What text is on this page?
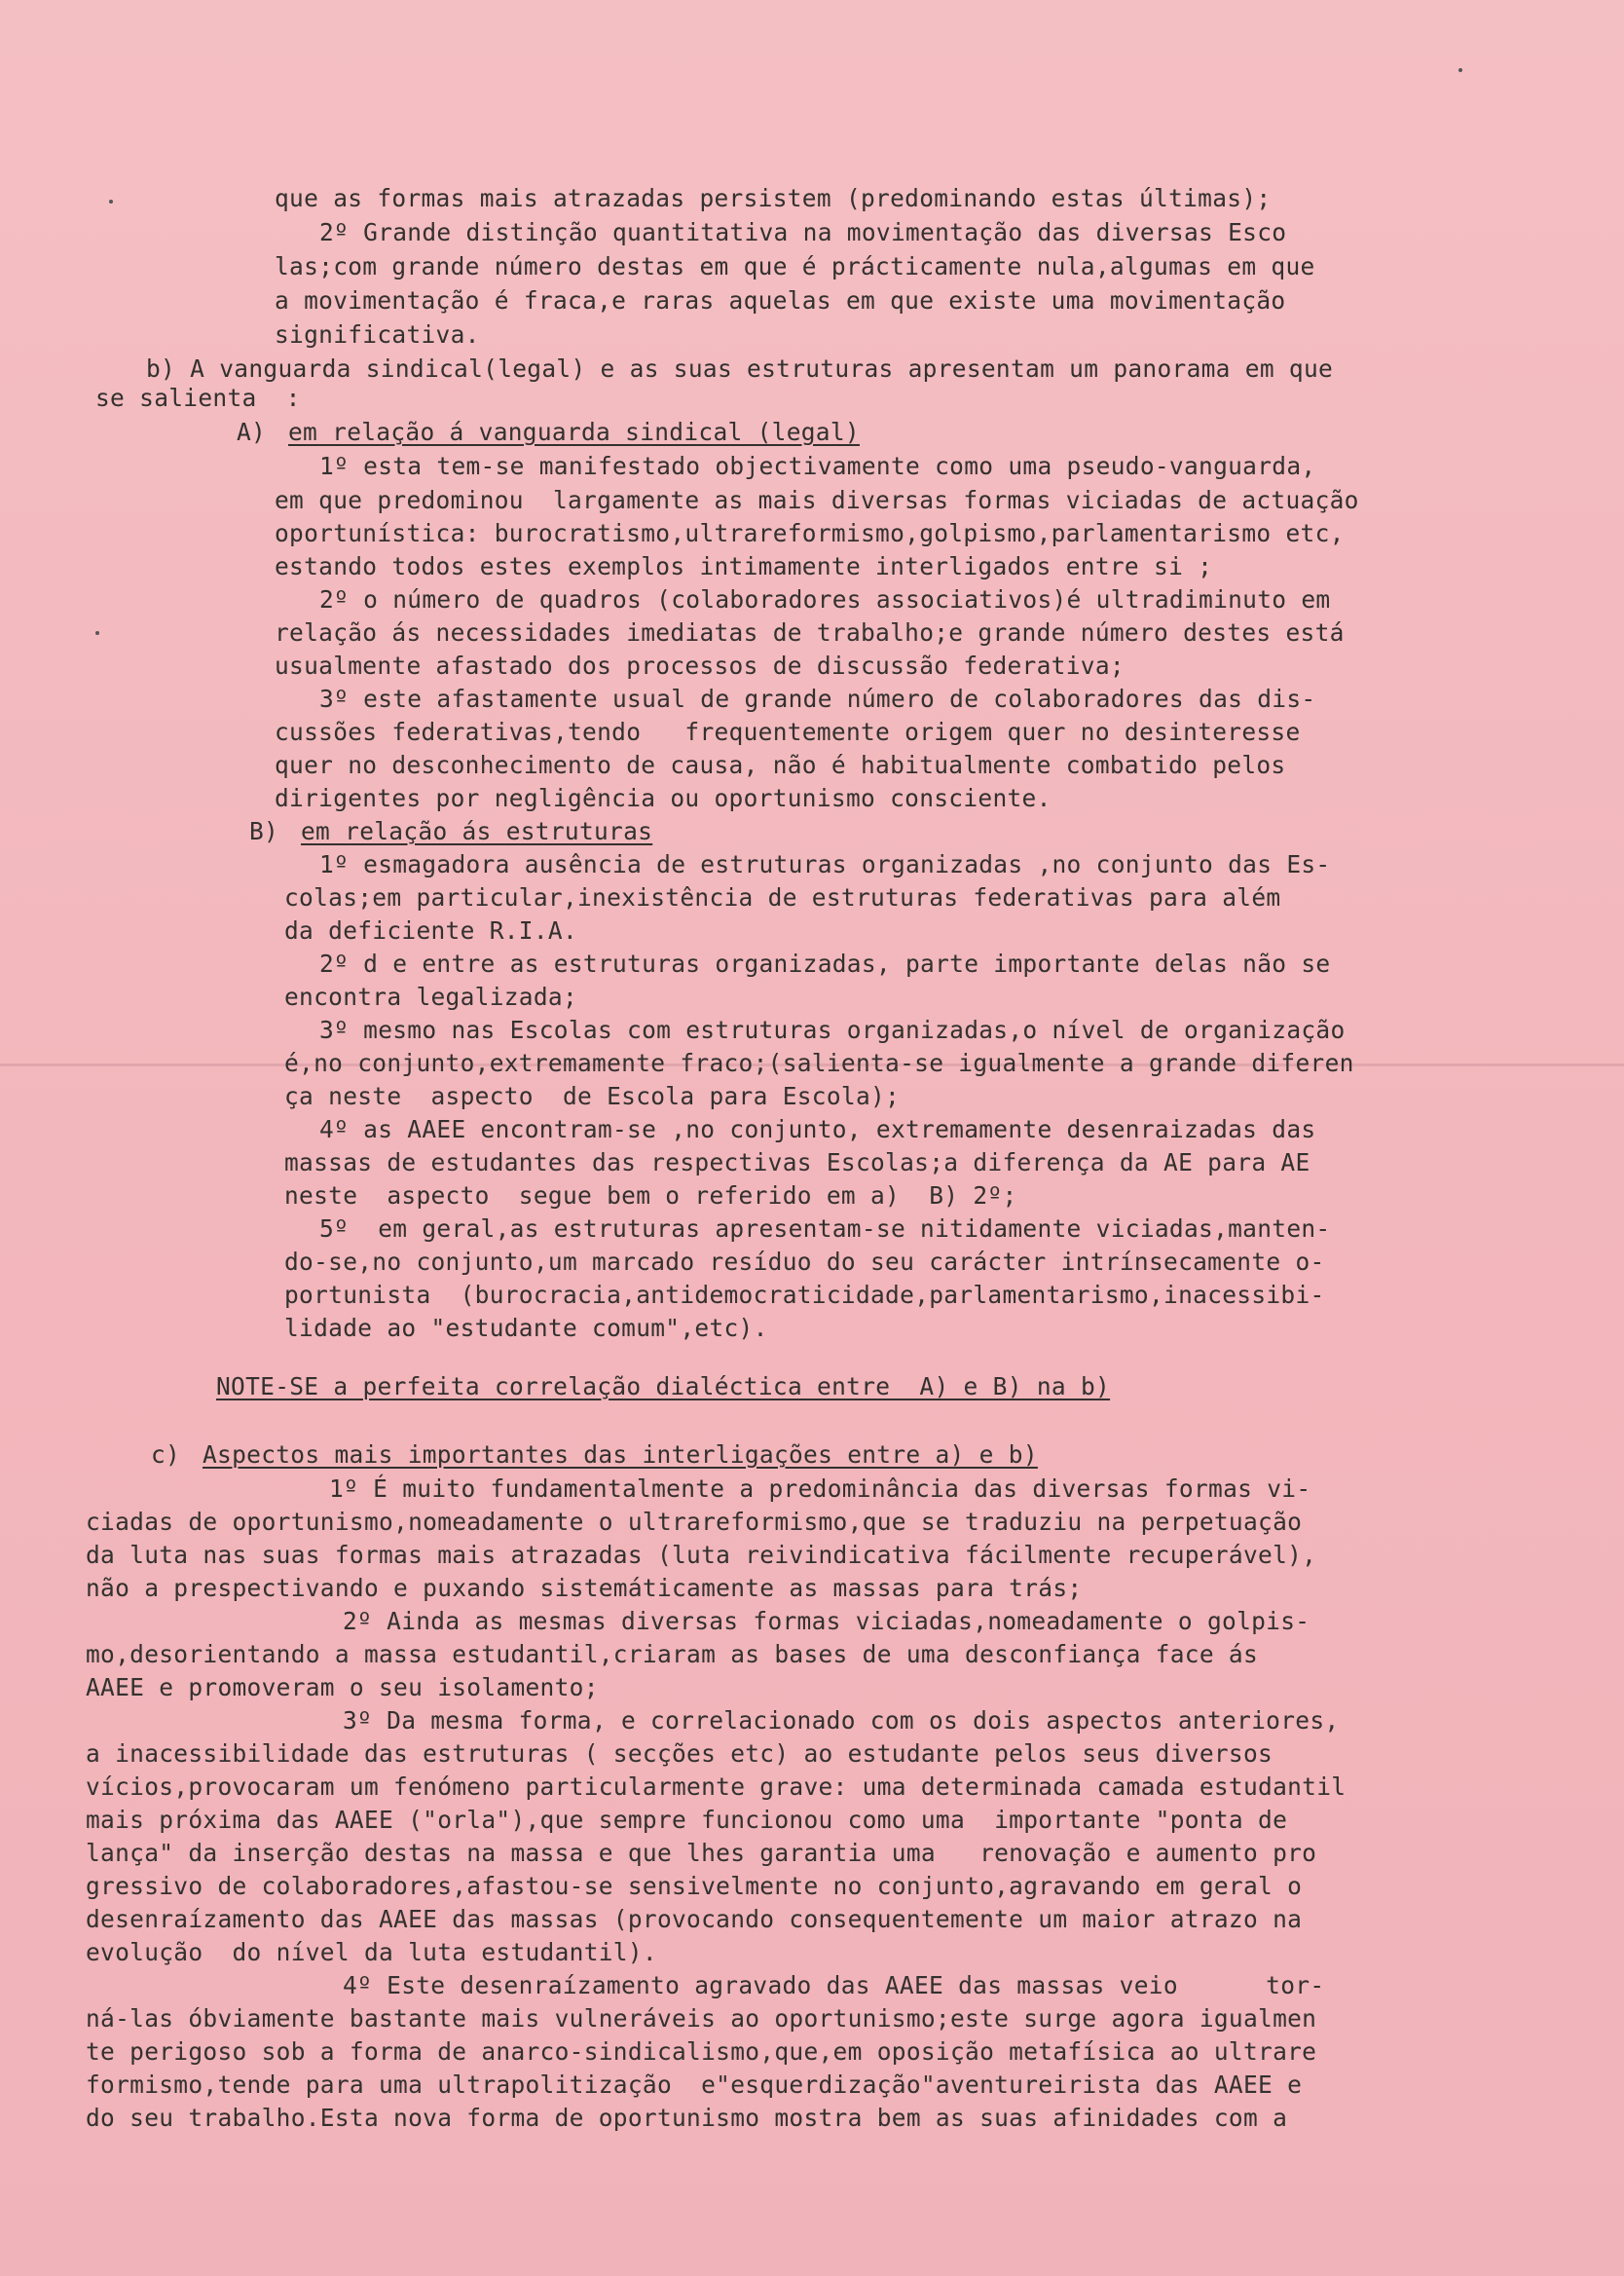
que as formas mais atrazadas persistem (predominando estas últimas);
2º Grande distinção quantitativa na movimentação das diversas Esco
las;com grande número destas em que é prácticamente nula,algumas em que
a movimentação é fraca,e raras aquelas em que existe uma movimentação
significativa.
b) A vanguarda sindical(legal) e as suas estruturas apresentam um panorama em que
se salienta  :
A) em relação á vanguarda sindical (legal)
1º esta tem-se manifestado objectivamente como uma pseudo-vanguarda,
em que predominou  largamente as mais diversas formas viciadas de actuação
oportunística: burocratismo,ultrareformismo,golpismo,parlamentarismo etc,
estando todos estes exemplos intimamente interligados entre si ;
2º o número de quadros (colaboradores associativos)é ultradiminuto em
relação ás necessidades imediatas de trabalho;e grande número destes está
usualmente afastado dos processos de discussão federativa;
3º este afastamente usual de grande número de colaboradores das dis-
cussões federativas,tendo   frequentemente origem quer no desinteresse
quer no desconhecimento de causa, não é habitualmente combatido pelos
dirigentes por negligência ou oportunismo consciente.
B) em relação ás estruturas
1º esmagadora ausência de estruturas organizadas ,no conjunto das Es-
colas;em particular,inexistência de estruturas federativas para além
da deficiente R.I.A.
2º d e entre as estruturas organizadas, parte importante delas não se
encontra legalizada;
3º mesmo nas Escolas com estruturas organizadas,o nível de organização
é,no conjunto,extremamente fraco;(salienta-se igualmente a grande diferen
ça neste  aspecto  de Escola para Escola);
4º as AAEE encontram-se ,no conjunto, extremamente desenraizadas das
massas de estudantes das respectivas Escolas;a diferença da AE para AE
neste  aspecto  segue bem o referido em a)  B) 2º;
5º  em geral,as estruturas apresentam-se nitidamente viciadas,manten-
do-se,no conjunto,um marcado resíduo do seu carácter intrínsecamente o-
portunista  (burocracia,antidemocraticidade,parlamentarismo,inacessibi-
lidade ao "estudante comum",etc).
NOTE-SE a perfeita correlação dialéctica entre  A) e B) na b)
c) Aspectos mais importantes das interligações entre a) e b)
1º É muito fundamentalmente a predominância das diversas formas vi-
ciadas de oportunismo,nomeadamente o ultrareformismo,que se traduziu na perpetuação
da luta nas suas formas mais atrazadas (luta reivindicativa fácilmente recuperável),
não a prespectivando e puxando sistemáticamente as massas para trás;
2º Ainda as mesmas diversas formas viciadas,nomeadamente o golpis-
mo,desorientando a massa estudantil,criaram as bases de uma desconfiança face ás
AAEE e promoveram o seu isolamento;
3º Da mesma forma, e correlacionado com os dois aspectos anteriores,
a inacessibilidade das estruturas ( secções etc) ao estudante pelos seus diversos
vícios,provocaram um fenómeno particularmente grave: uma determinada camada estudantil
mais próxima das AAEE ("orla"),que sempre funcionou como uma  importante "ponta de
lança" da inserção destas na massa e que lhes garantia uma   renovação e aumento pro
gressivo de colaboradores,afastou-se sensivelmente no conjunto,agravando em geral o
desenraízamento das AAEE das massas (provocando consequentemente um maior atrazo na
evolução  do nível da luta estudantil).
4º Este desenraízamento agravado das AAEE das massas veio      tor-
ná-las óbviamente bastante mais vulneráveis ao oportunismo;este surge agora igualmen
te perigoso sob a forma de anarco-sindicalismo,que,em oposição metafísica ao ultrare
formismo,tende para uma ultrapolitização  e"esquerdização"aventureirista das AAEE e
do seu trabalho.Esta nova forma de oportunismo mostra bem as suas afinidades com a
